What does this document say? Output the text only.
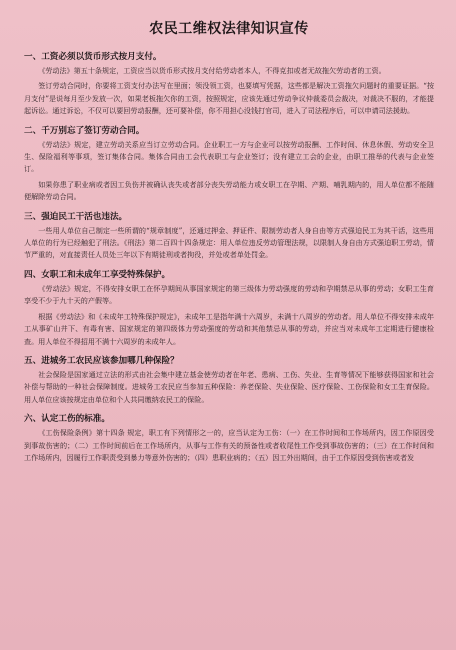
农民工维权法律知识宣传
一、工资必须以货币形式按月支付。

《劳动法》第五十条规定，工资应当以货币形式按月支付给劳动者本人，不得克扣或者无故拖欠劳动者的工资。

签订劳动合同时，你要将工资支付办法写在里面；领没领工资，也要填写凭据，这些都是解决工资拖欠问题时的重要证据。“按月支付”是说每月至少发放一次，如果老板拖欠你的工资，按照规定，应该先通过劳动争议仲裁委员会裁决，对裁决不服的，才能提起诉讼。通过诉讼，不仅可以要回劳动报酬，还可要补偿，你不用担心没钱打官司，进入了司法程序后，可以申请司法援助。

二、千万别忘了签订劳动合同。

《劳动法》规定，建立劳动关系应当订立劳动合同。企业职工一方与企业可以按劳动报酬、工作时间、休息休假、劳动安全卫生、保险福利等事项，签订集体合同。集体合同由工会代表职工与企业签订；没有建立工会的企业，由职工推举的代表与企业签订。

如果你患了职业病或者因工负伤并被确认丧失或者部分丧失劳动能力或女职工在孕期、产期、哺乳期内的，用人单位都不能随便解除劳动合同。

三、强迫民工干活也违法。

一些用人单位自己制定一些所谓的“规章制度”，还通过押金、押证件、限制劳动者人身自由等方式强迫民工为其干活，这些用人单位的行为已经触犯了刑法。《刑法》第二百四十四条规定：用人单位违反劳动管理法规，以限制人身自由方式强迫职工劳动，情节严重的，对直接责任人员处三年以下有期徒刑或者拘役，并处或者单处罚金。

四、女职工和未成年工享受特殊保护。

《劳动法》规定，不得安排女职工在怀孕期间从事国家规定的第三级体力劳动强度的劳动和孕期禁忌从事的劳动；女职工生育享受不少于九十天的产假等。

根据《劳动法》和《未成年工特殊保护规定》，未成年工是指年满十六周岁，未满十八周岁的劳动者。用人单位不得安排未成年工从事矿山井下、有毒有害、国家规定的第四级体力劳动强度的劳动和其他禁忌从事的劳动，并应当对未成年工定期进行健康检查。用人单位不得招用不满十六周岁的未成年人。

五、进城务工农民应该参加哪几种保险？

社会保险是国家通过立法的形式由社会集中建立基金使劳动者在年老、患病、工伤、失业、生育等情况下能够获得国家和社会补偿与帮助的一种社会保障制度。进城务工农民应当参加五种保险：养老保险、失业保险、医疗保险、工伤保险和女工生育保险。用人单位应该按规定由单位和个人共同缴纳农民工的保险。

六、认定工伤的标准。

《工伤保险条例》第十四条 规定，职工有下列情形之一的，应当认定为工伤：（一）在工作时间和工作场所内，因工作原因受到事故伤害的；（二）工作时间前后在工作场所内，从事与工作有关的预备性或者收尾性工作受到事故伤害的；（三）在工作时间和工作场所内，因履行工作职责受到暴力等意外伤害的；（四）患职业病的；（五）因工外出期间，由于工作原因受到伤害或者发
